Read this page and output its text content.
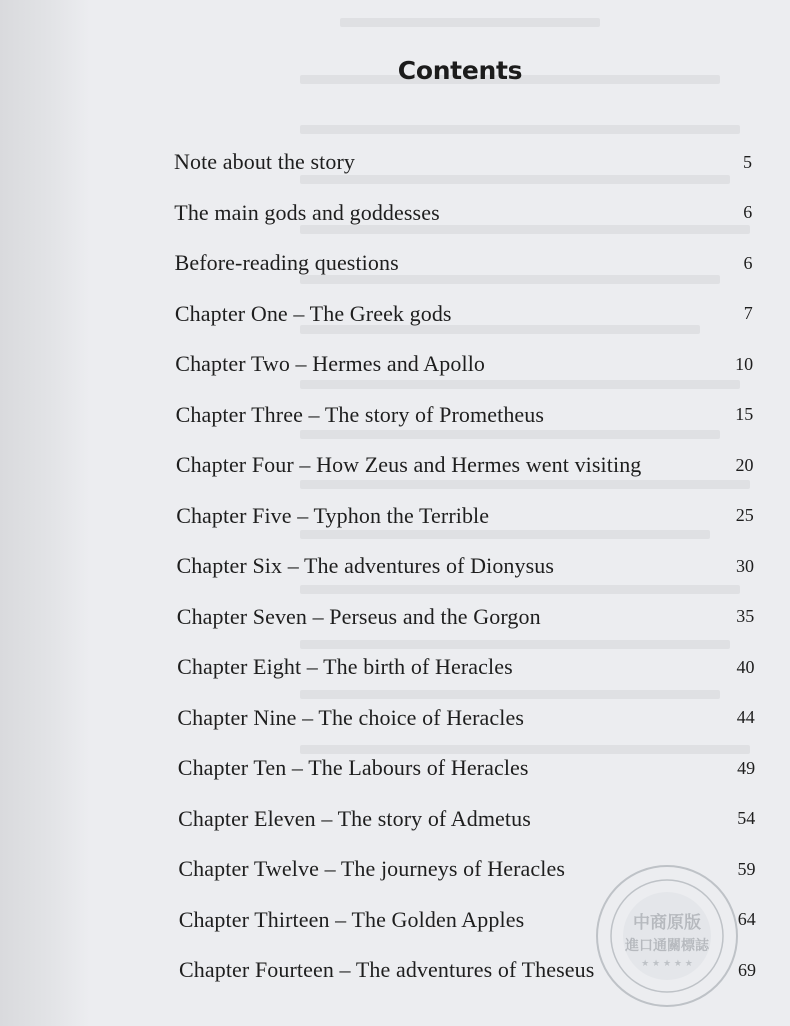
Contents
Note about the story	5
The main gods and goddesses	6
Before-reading questions	6
Chapter One – The Greek gods	7
Chapter Two – Hermes and Apollo	10
Chapter Three – The story of Prometheus	15
Chapter Four – How Zeus and Hermes went visiting	20
Chapter Five – Typhon the Terrible	25
Chapter Six – The adventures of Dionysus	30
Chapter Seven – Perseus and the Gorgon	35
Chapter Eight – The birth of Heracles	40
Chapter Nine – The choice of Heracles	44
Chapter Ten – The Labours of Heracles	49
Chapter Eleven – The story of Admetus	54
Chapter Twelve – The journeys of Heracles	59
Chapter Thirteen – The Golden Apples	64
Chapter Fourteen – The adventures of Theseus	69
中商原版
進口通關標誌
★ ★ ★ ★ ★
